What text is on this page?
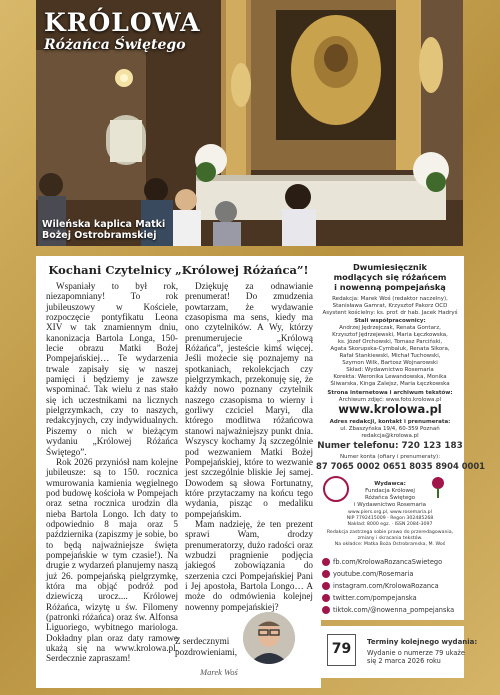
KRÓLOWA
Różańca Świętego
Wileńska kaplica Matki
Bożej Ostrobramskiej
Kochani Czytelnicy „Królowej Różańca”!

Wspaniały to był rok, niezapomniany! To rok jubileuszowy w Kościele, rozpoczęcie pontyfikatu Leona XIV w tak znamiennym dniu, kanonizacja Bartola Longa, 150-lecie obrazu Matki Bożej Pompejańskiej… Te wydarzenia trwale zapisały się w naszej pamięci i będziemy je zawsze wspominać. Tak wielu z nas stało się ich uczestnikami na licznych pielgrzymkach, czy to naszych, redakcyjnych, czy indywidualnych. Piszemy o nich w bieżącym wydaniu „Królowej Różańca Świętego”.

Rok 2026 przyniósł nam kolejne jubileusze: są to 150. rocznica wmurowania kamienia węgielnego pod budowę kościoła w Pompejach oraz setna rocznica urodzin dla nieba Bartola Longo. Ich daty to odpowiednio 8 maja oraz 5 października (zapiszmy je sobie, bo to będą najważniejsze święta pompejańskie w tym czasie!). Na drugie z wydarzeń planujemy naszą już 26. pompejańską pielgrzymkę, która ma objąć podróż pod dziewiczą urocz.... Królowej Różańca, wizytę u św. Filomeny (patronki różańca) oraz św. Alfonsa Liguoriego, wybitnego mariologa. Dokładny plan oraz daty ramowe ukażą się na www.krolowa.pl. Serdecznie zapraszam!

Dziękuję za odnawianie prenumerat! Do zmudzenia powtarzam, że wydawanie czasopisma ma sens, kiedy ma ono czytelników. A Wy, którzy prenumerujecie „Królową Różańca”, jesteście kimś więcej. Jeśli możecie się poznajemy na spotkaniach, rekolekcjach czy pielgrzymkach, przekonuję się, że każdy nowo poznany czytelnik naszego czasopisma to wierny i gorliwy czciciel Maryi, dla którego modlitwa różańcowa stanowi najważniejszy punkt dnia. Wszyscy kochamy Ją szczególnie pod wezwaniem Matki Bożej Pompejańskiej, które to wezwanie jest szczególnie bliskie Jej samej. Dowodem są słowa Fortunatny, które przytaczamy na końcu tego wydania, pisząc o medaliku pompejańskim.

Mam nadzieję, że ten prezent sprawi Wam, drodzy prenumeratorzy, dużo radości oraz wzbudzi pragnienie podjęcia jakiegoś zobowiązania do szerzenia czci Pompejańskiej Pani i Jej apostoła, Bartola Longo… A może do odmówienia kolejnej nowenny pompejańskiej?

Z serdecznymi
pozdrowieniami,
Marek Woś
Dwumiesięcznik
modlących się różańcem
i nowenną pompejańską
Redakcja: Marek Woś (redaktor naczelny),
Stanisława Gamrat, Krzysztof Pakorz OCD
Asystent kościelny: ks. prof. dr hab. Jacek Hadryś
Stali współpracownicy:
Andrzej Jędrzejczak, Renata Gontarz,
Krzysztof Jędrzejewski, Maria Łęczkowska,
ks. Józef Orchowski, Tomasz Parciński,
Agata Skorupska-Cymbaluk, Renata Sikora,
Rafał Stankiewski, Michał Tuchowski,
Szymon Wilk, Bartosz Wojnarowski
Skład: Wydawnictwo Rosemaria
Korekta: Weronika Lewandowska, Monika
Śliwarska, Kinga Zalejsz, Maria Łęczkowska
Strona internetowa i archiwum tekstów:
Archiwum zdjęć: www.foto.krolowa.pl
www.krolowa.pl
Adres redakcji, kontakt i prenumerata:
ul. Zbaszyńska 19/4, 60-359 Poznań
redakcja@krolowa.pl
Numer telefonu: 720 123 183
Numer konta (ofiary i prenumeraty):
87 7065 0002 0651 8035 8904 0001
Wydawca:
Fundacja Królowej
Różańca Świętego
i Wydawnictwo Rosemaria
www.piers.org.pl, www.rosemaria.pl
NIP 7792415009 · Regon 302485268
Nakład: 8000 egz. · ISSN 2084-3097
Redakcja zastrzega sobie prawo do przeredagowania,
zmiany i skracania tekstów.
Na okładce: Matka Boża Ostrobramska, M. Woś
fb.com/KrolowaRozancaSwietego
youtube.com/Rosemaria
instagram.com/KrolowaRozanca
twitter.com/pompejanska
tiktok.com/@nowenna_pompejanska
79	Terminy kolejnego wydania:
Wydanie o numerze 79 ukaże
się 2 marca 2026 roku
